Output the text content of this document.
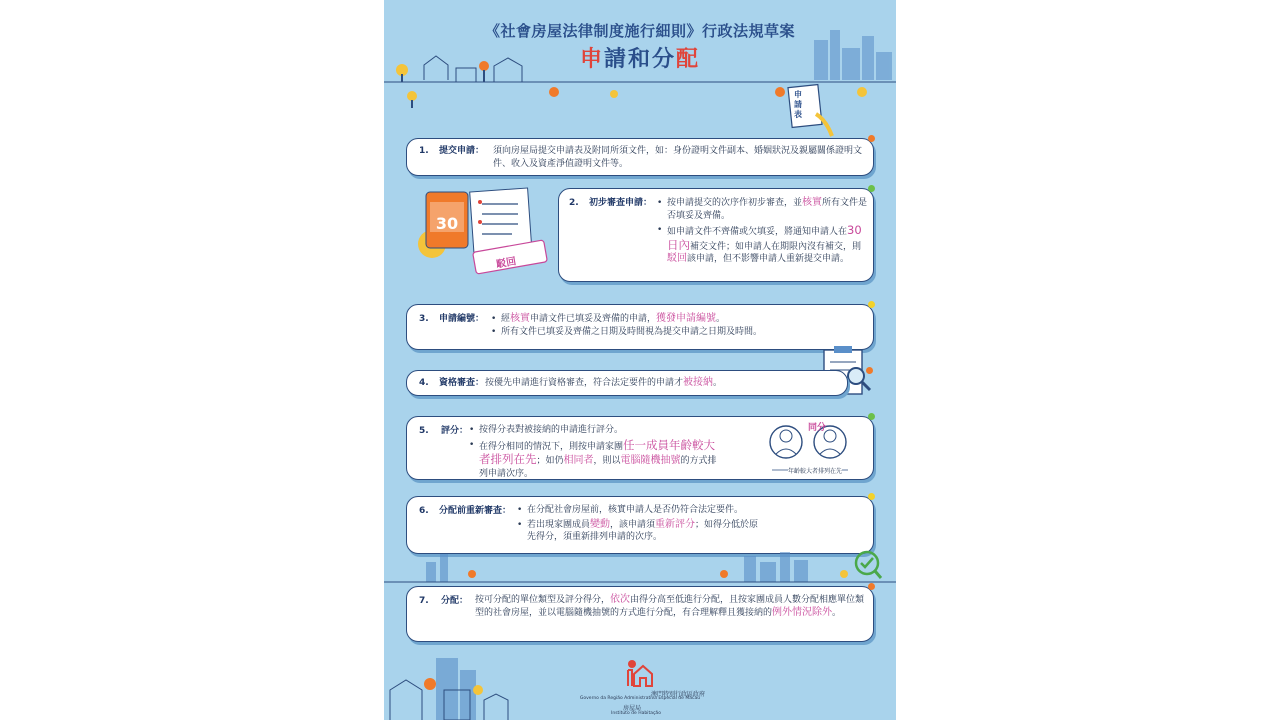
《社會房屋法律制度施行細則》行政法規草案
申請和分配
申請表
1. 提交申請： 須向房屋局提交申請表及附同所須文件，如：身份證明文件副本、婚姻狀況及親屬關係證明文件、收入及資產淨值證明文件等。
30
駁回
2. 初步審查申請：	• 按申請提交的次序作初步審查，並核實所有文件是否填妥及齊備。
• 如申請文件不齊備或欠填妥，將通知申請人在30日內補交文件；如申請人在期限內沒有補交，則駁回該申請，但不影響申請人重新提交申請。
3. 申請編號：	• 經核實申請文件已填妥及齊備的申請，獲發申請編號。
• 所有文件已填妥及齊備之日期及時間視為提交申請之日期及時間。
4. 資格審查： 按優先申請進行資格審查，符合法定要件的申請才被接納。
5. 評分：	• 按得分表對被接納的申請進行評分。
• 在得分相同的情況下，則按申請家團任一成員年齡較大者排列在先；如仍相同者，則以電腦隨機抽號的方式排列申請次序。
同分
年齡較大者排列在先
6. 分配前重新審查：	• 在分配社會房屋前，核實申請人是否仍符合法定要件。
• 若出現家團成員變動，該申請須重新評分；如得分低於原先得分，須重新排列申請的次序。
7. 分配： 按可分配的單位類型及評分得分，依次由得分高至低進行分配，且按家團成員人數分配相應單位類型的社會房屋，並以電腦隨機抽號的方式進行分配，有合理解釋且獲接納的例外情況除外。
澳門特別行政區政府
Governo da Região Administrativa Especial de Macau
房屋局
Instituto de Habitação
